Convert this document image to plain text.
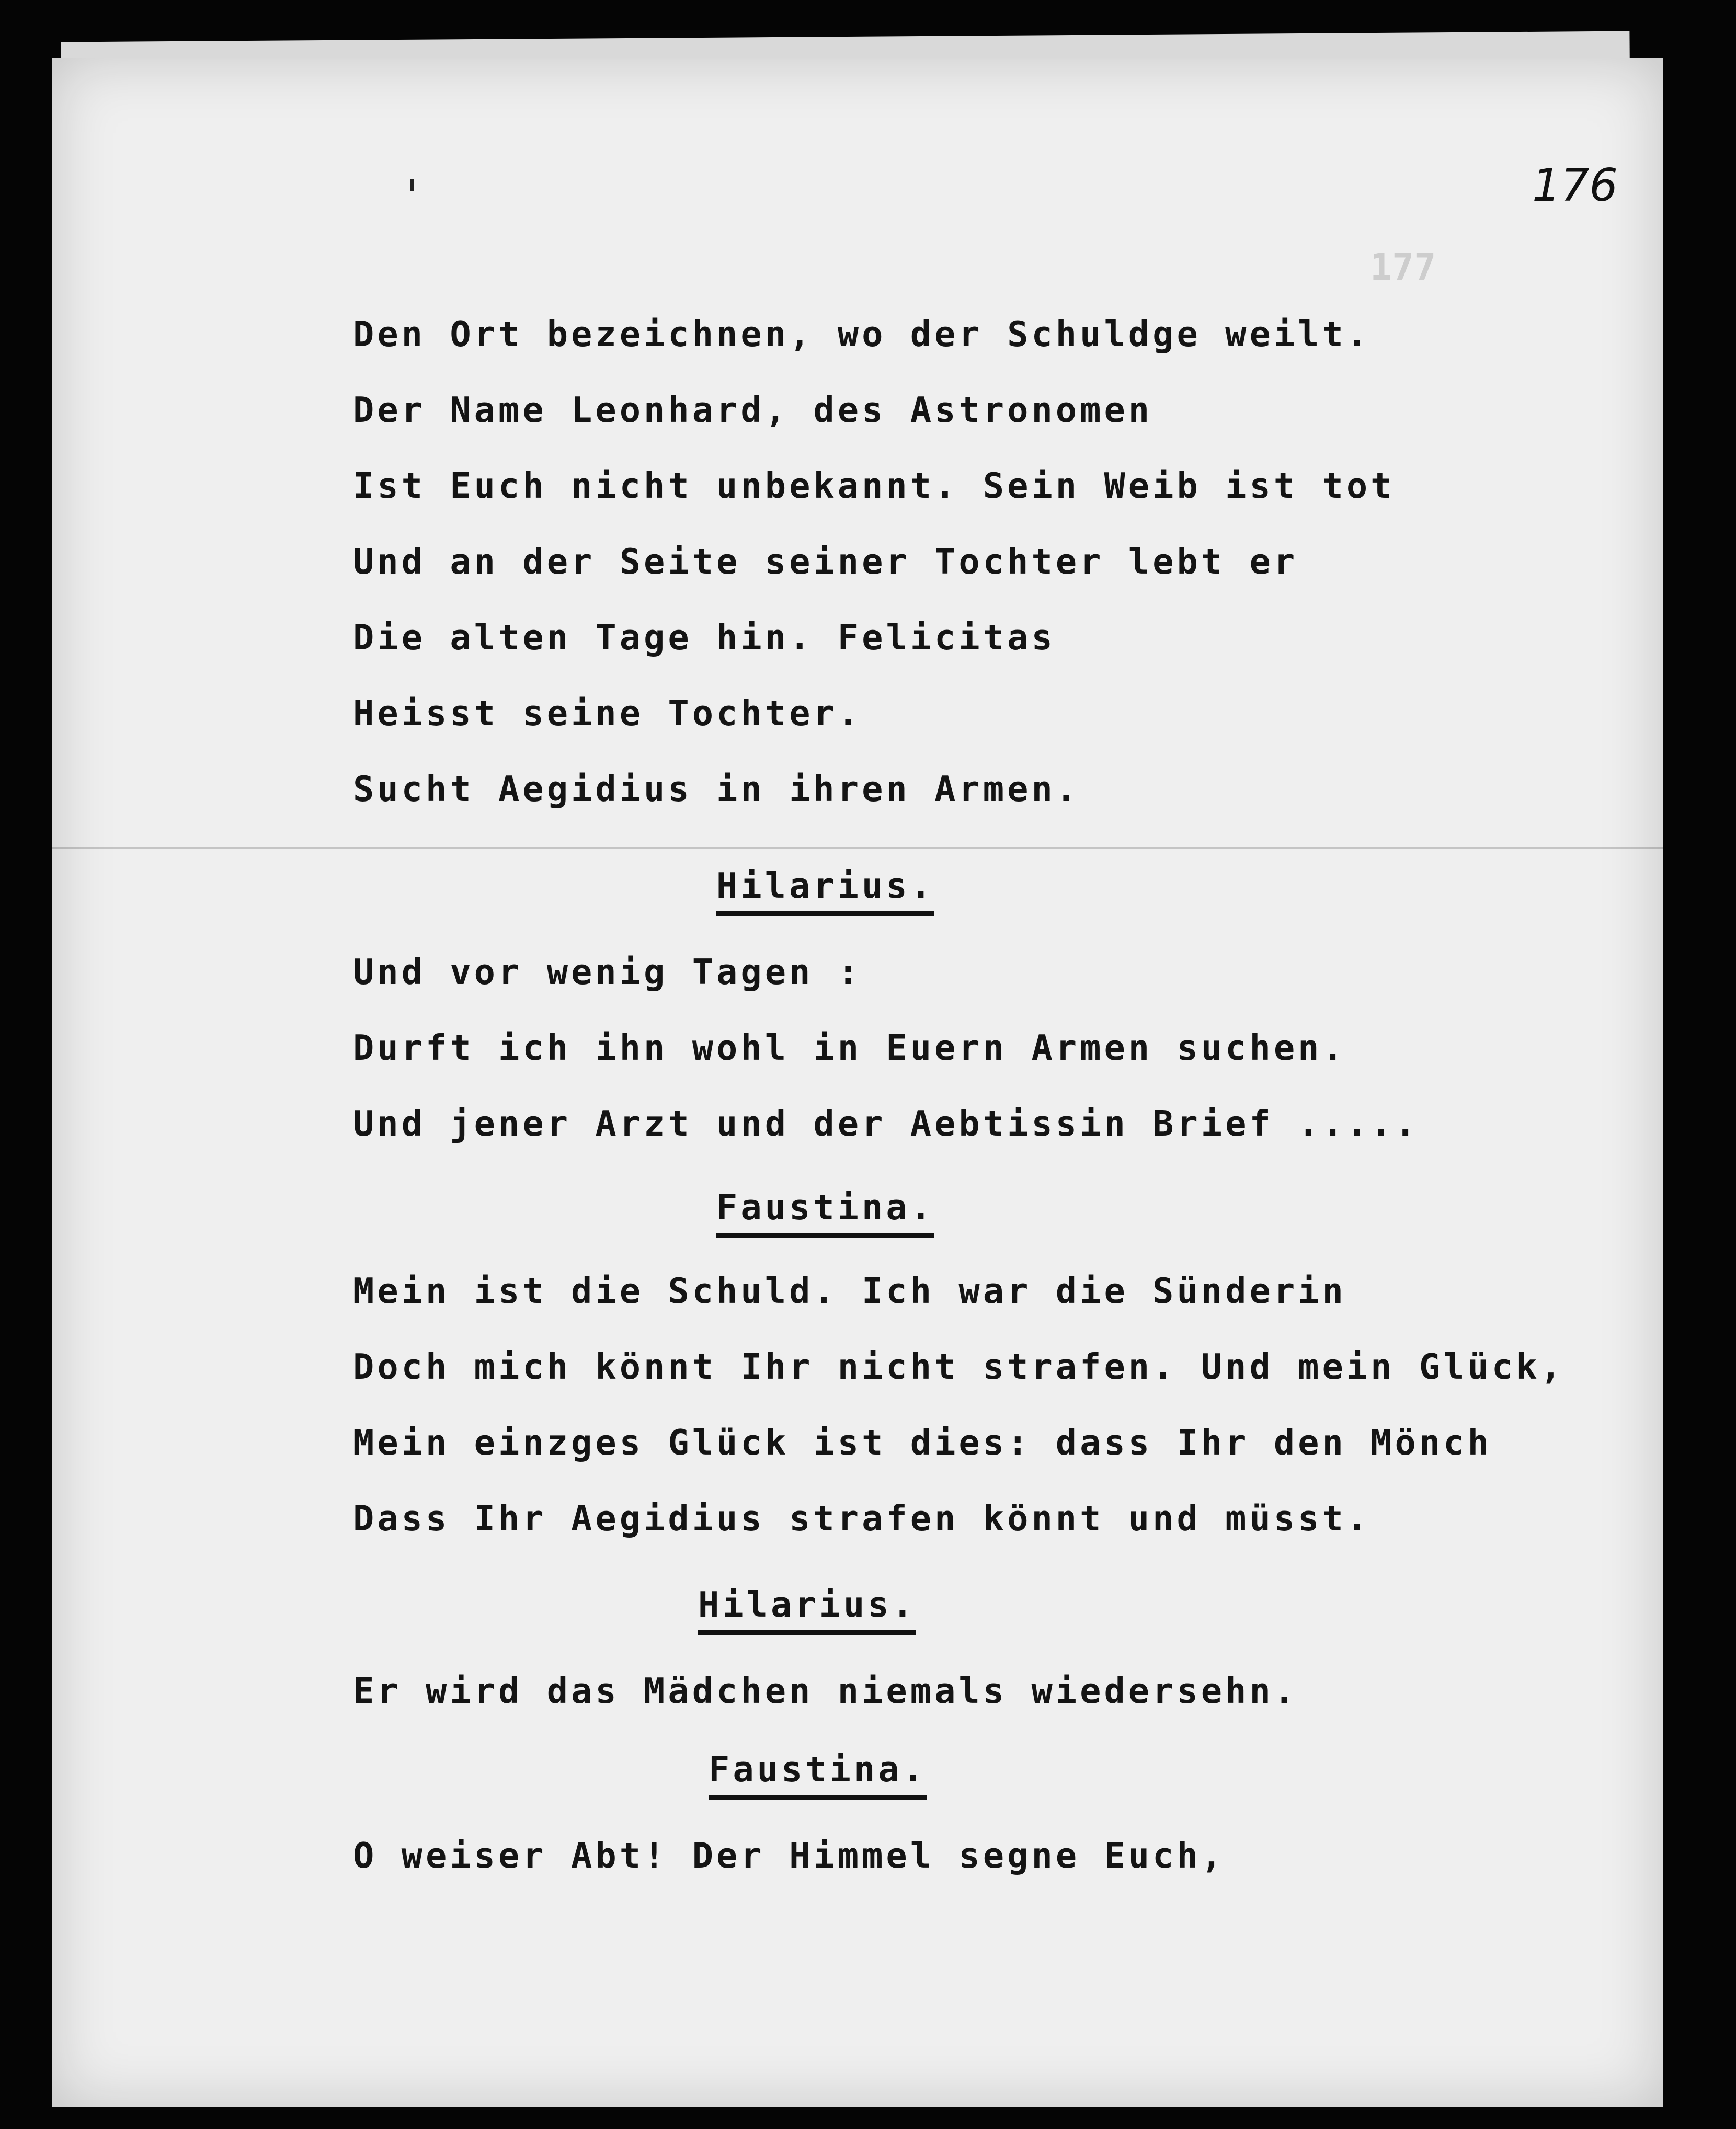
176

177

Den Ort bezeichnen, wo der Schuldge weilt.

Der Name Leonhard, des Astronomen

Ist Euch nicht unbekannt. Sein Weib ist tot

Und an der Seite seiner Tochter lebt er

Die alten Tage hin. Felicitas

Heisst seine Tochter.

Sucht Aegidius in ihren Armen.

Hilarius.

Und vor wenig Tagen :

Durft ich ihn wohl in Euern Armen suchen.

Und jener Arzt und der Aebtissin Brief .....

Faustina.

Mein ist die Schuld. Ich war die Sünderin

Doch mich könnt Ihr nicht strafen. Und mein Glück,

Mein einzges Glück ist dies: dass Ihr den Mönch

Dass Ihr Aegidius strafen könnt und müsst.

Hilarius.

Er wird das Mädchen niemals wiedersehn.

Faustina.

O weiser Abt! Der Himmel segne Euch,
